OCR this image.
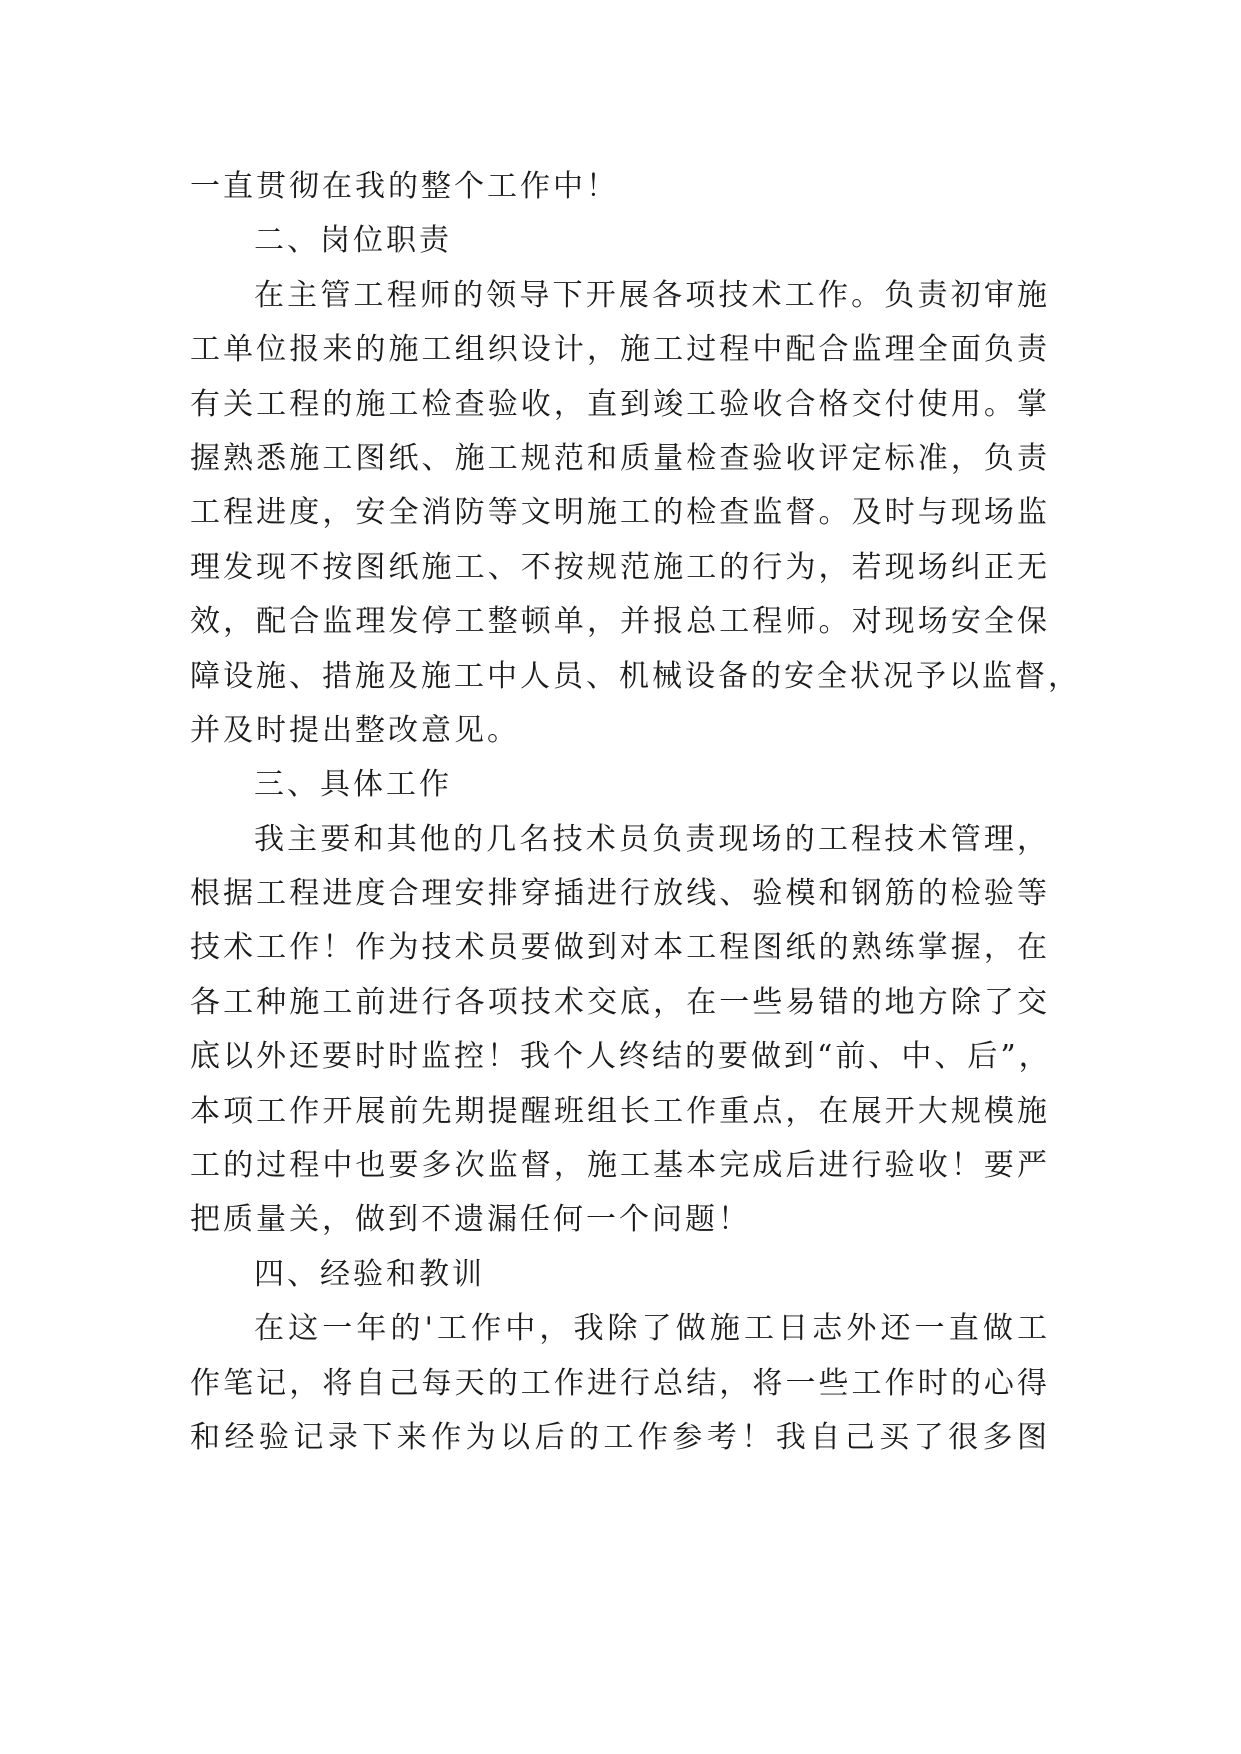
一直贯彻在我的整个工作中！
二、岗位职责
在主管工程师的领导下开展各项技术工作。负责初审施
工单位报来的施工组织设计，施工过程中配合监理全面负责
有关工程的施工检查验收，直到竣工验收合格交付使用。掌
握熟悉施工图纸、施工规范和质量检查验收评定标准，负责
工程进度，安全消防等文明施工的检查监督。及时与现场监
理发现不按图纸施工、不按规范施工的行为，若现场纠正无
效，配合监理发停工整顿单，并报总工程师。对现场安全保
障设施、措施及施工中人员、机械设备的安全状况予以监督，
并及时提出整改意见。
三、具体工作
我主要和其他的几名技术员负责现场的工程技术管理，
根据工程进度合理安排穿插进行放线、验模和钢筋的检验等
技术工作！作为技术员要做到对本工程图纸的熟练掌握，在
各工种施工前进行各项技术交底，在一些易错的地方除了交
底以外还要时时监控！我个人终结的要做到“前、中、后”，
本项工作开展前先期提醒班组长工作重点，在展开大规模施
工的过程中也要多次监督，施工基本完成后进行验收！要严
把质量关，做到不遗漏任何一个问题！
四、经验和教训
在这一年的'工作中，我除了做施工日志外还一直做工
作笔记，将自己每天的工作进行总结，将一些工作时的心得
和经验记录下来作为以后的工作参考！我自己买了很多图
